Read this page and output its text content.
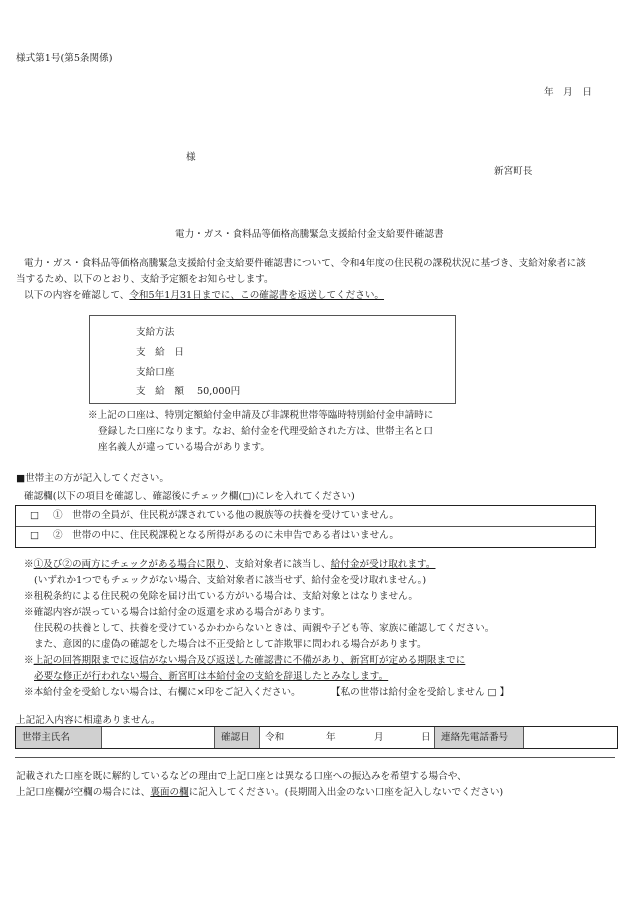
様式第1号(第5条関係)
年　月　日
様
新宮町長
電力・ガス・食料品等価格高騰緊急支援給付金支給要件確認書
電力・ガス・食料品等価格高騰緊急支援給付金支給要件確認書について、令和4年度の住民税の課税状況に基づき、支給対象者に該
当するため、以下のとおり、支給予定額をお知らせします。
以下の内容を確認して、令和5年1月31日までに、この確認書を返送してください。
支給方法
支　給　日
支給口座
支　給　額 50,000円
※上記の口座は、特別定額給付金申請及び非課税世帯等臨時特別給付金申請時に
登録した口座になります。なお、給付金を代理受給された方は、世帯主名と口
座名義人が違っている場合があります。
■世帯主の方が記入してください。
確認欄(以下の項目を確認し、確認後にチェック欄(□)にレを入れてください)
□ ①　世帯の全員が、住民税が課されている他の親族等の扶養を受けていません。
□ ②　世帯の中に、住民税課税となる所得があるのに未申告である者はいません。
※①及び②の両方にチェックがある場合に限り、支給対象者に該当し、給付金が受け取れます。
(いずれか1つでもチェックがない場合、支給対象者に該当せず、給付金を受け取れません。)
※租税条約による住民税の免除を届け出ている方がいる場合は、支給対象とはなりません。
※確認内容が誤っている場合は給付金の返還を求める場合があります。
住民税の扶養として、扶養を受けているかわからないときは、両親や子ども等、家族に確認してください。
また、意図的に虚偽の確認をした場合は不正受給として詐欺罪に問われる場合があります。
※上記の回答期限までに返信がない場合及び返送した確認書に不備があり、新宮町が定める期限までに
必要な修正が行われない場合、新宮町は本給付金の支給を辞退したとみなします。
※本給付金を受給しない場合は、右欄に×印をご記入ください。	【私の世帯は給付金を受給しません □ 】
上記記入内容に相違ありません。
世帯主氏名	確認日	令和	年	月	日	連絡先電話番号
記載された口座を既に解約しているなどの理由で上記口座とは異なる口座への振込みを希望する場合や、
上記口座欄が空欄の場合には、裏面の欄に記入してください。(長期間入出金のない口座を記入しないでください)
